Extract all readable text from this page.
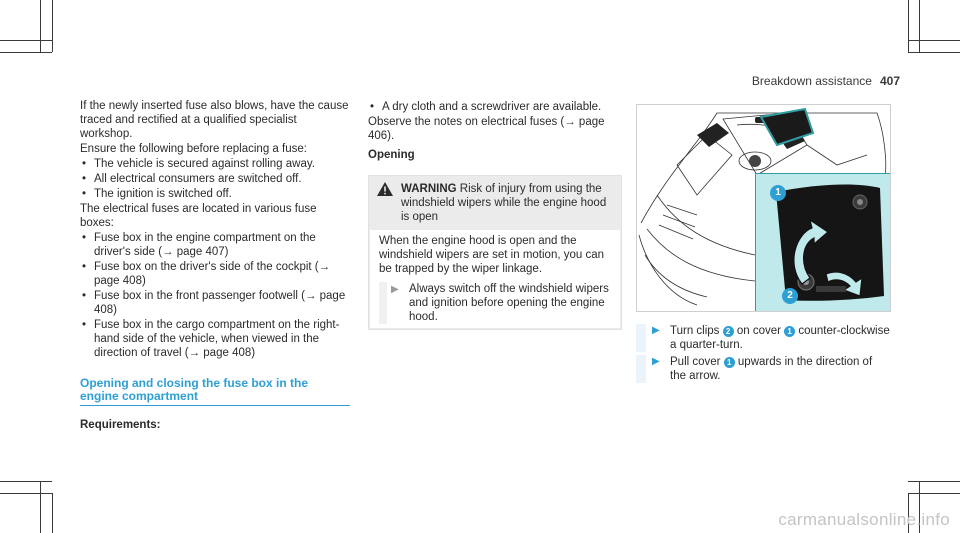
Breakdown assistance 407

If the newly inserted fuse also blows, have the cause traced and rectified at a qualified specialist workshop.

Ensure the following before replacing a fuse:

• The vehicle is secured against rolling away.
• All electrical consumers are switched off.
• The ignition is switched off.

The electrical fuses are located in various fuse boxes:

• Fuse box in the engine compartment on the driver's side (→ page 407)
• Fuse box on the driver's side of the cockpit (→ page 408)
• Fuse box in the front passenger footwell (→ page 408)
• Fuse box in the cargo compartment on the right-hand side of the vehicle, when viewed in the direction of travel (→ page 408)
Opening and closing the fuse box in the engine compartment
Requirements:
• A dry cloth and a screwdriver are available.

Observe the notes on electrical fuses (→ page 406).

Opening
WARNING Risk of injury from using the windshield wipers while the engine hood is open

When the engine hood is open and the windshield wipers are set in motion, you can be trapped by the wiper linkage.

▶ Always switch off the windshield wipers and ignition before opening the engine hood.
1
2
▶ Turn clips 2 on cover 1 counter-clockwise a quarter-turn.
▶ Pull cover 1 upwards in the direction of the arrow.
carmanualsonline.info
